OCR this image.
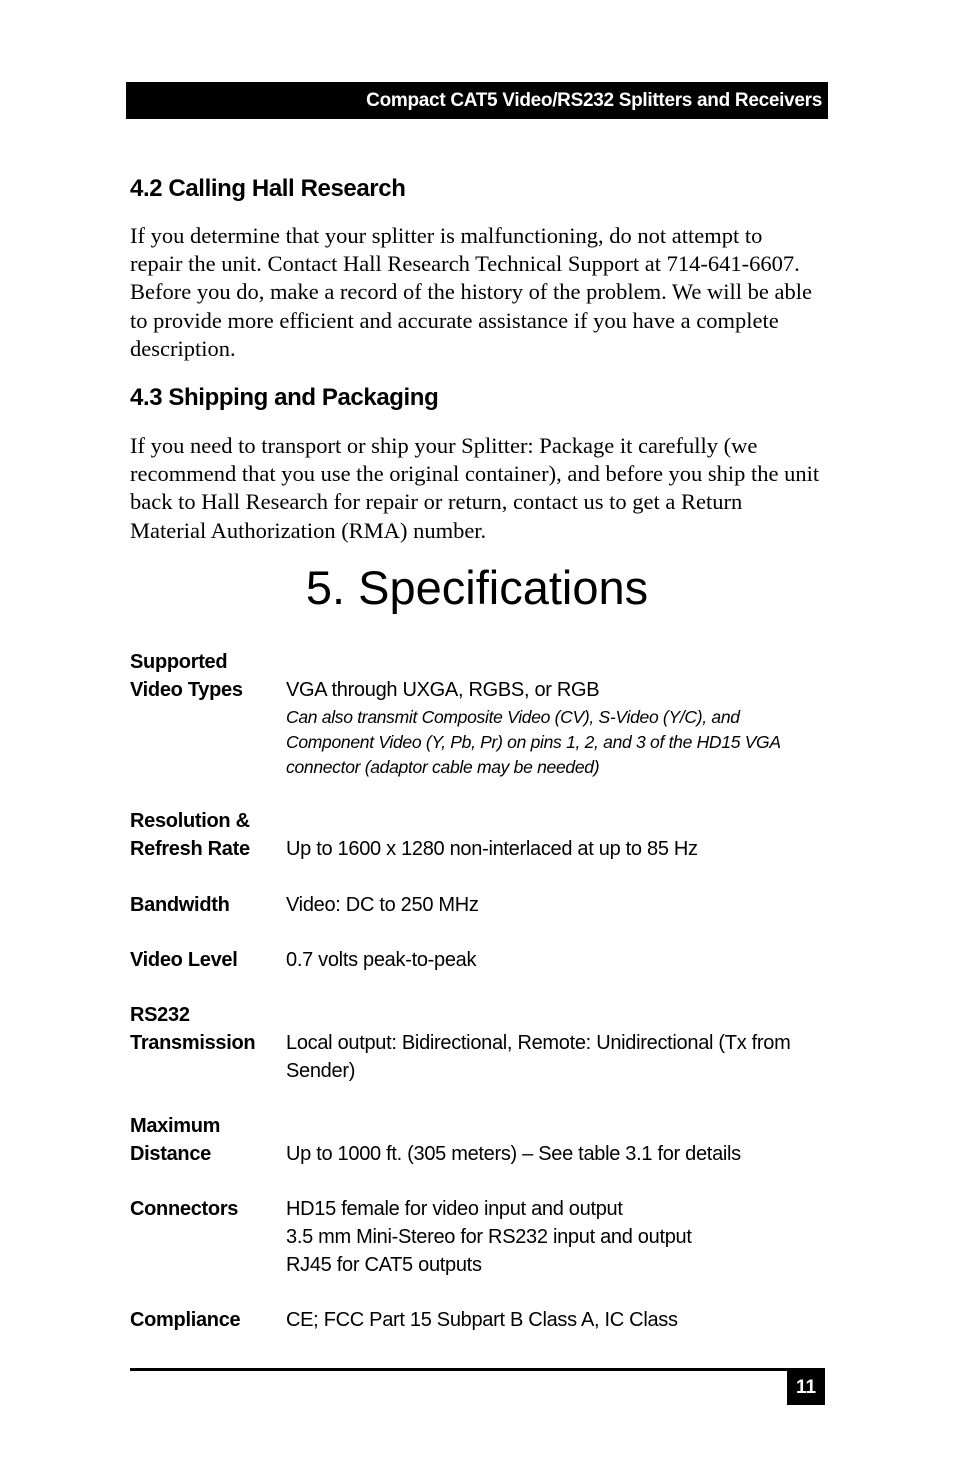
Compact CAT5 Video/RS232 Splitters and Receivers
4.2 Calling Hall Research

If you determine that your splitter is malfunctioning, do not attempt to repair the unit. Contact Hall Research Technical Support at 714-641-6607. Before you do, make a record of the history of the problem. We will be able to provide more efficient and accurate assistance if you have a complete description.

4.3 Shipping and Packaging

If you need to transport or ship your Splitter: Package it carefully (we recommend that you use the original container), and before you ship the unit back to Hall Research for repair or return, contact us to get a Return Material Authorization (RMA) number.

5. Specifications
Supported
Video Types	VGA through UXGA, RGBS, or RGB
Can also transmit Composite Video (CV), S-Video (Y/C), and Component Video (Y, Pb, Pr) on pins 1, 2, and 3 of the HD15 VGA connector (adaptor cable may be needed)
Resolution &
Refresh Rate	Up to 1600 x 1280 non-interlaced at up to 85 Hz
Bandwidth	Video: DC to 250 MHz
Video Level	0.7 volts peak-to-peak
RS232
Transmission	Local output: Bidirectional, Remote: Unidirectional (Tx from
Sender)
Maximum
Distance	Up to 1000 ft. (305 meters) – See table 3.1 for details
Connectors	HD15 female for video input and output
3.5 mm Mini-Stereo for RS232 input and output
RJ45 for CAT5 outputs
Compliance	CE; FCC Part 15 Subpart B Class A, IC Class
11
